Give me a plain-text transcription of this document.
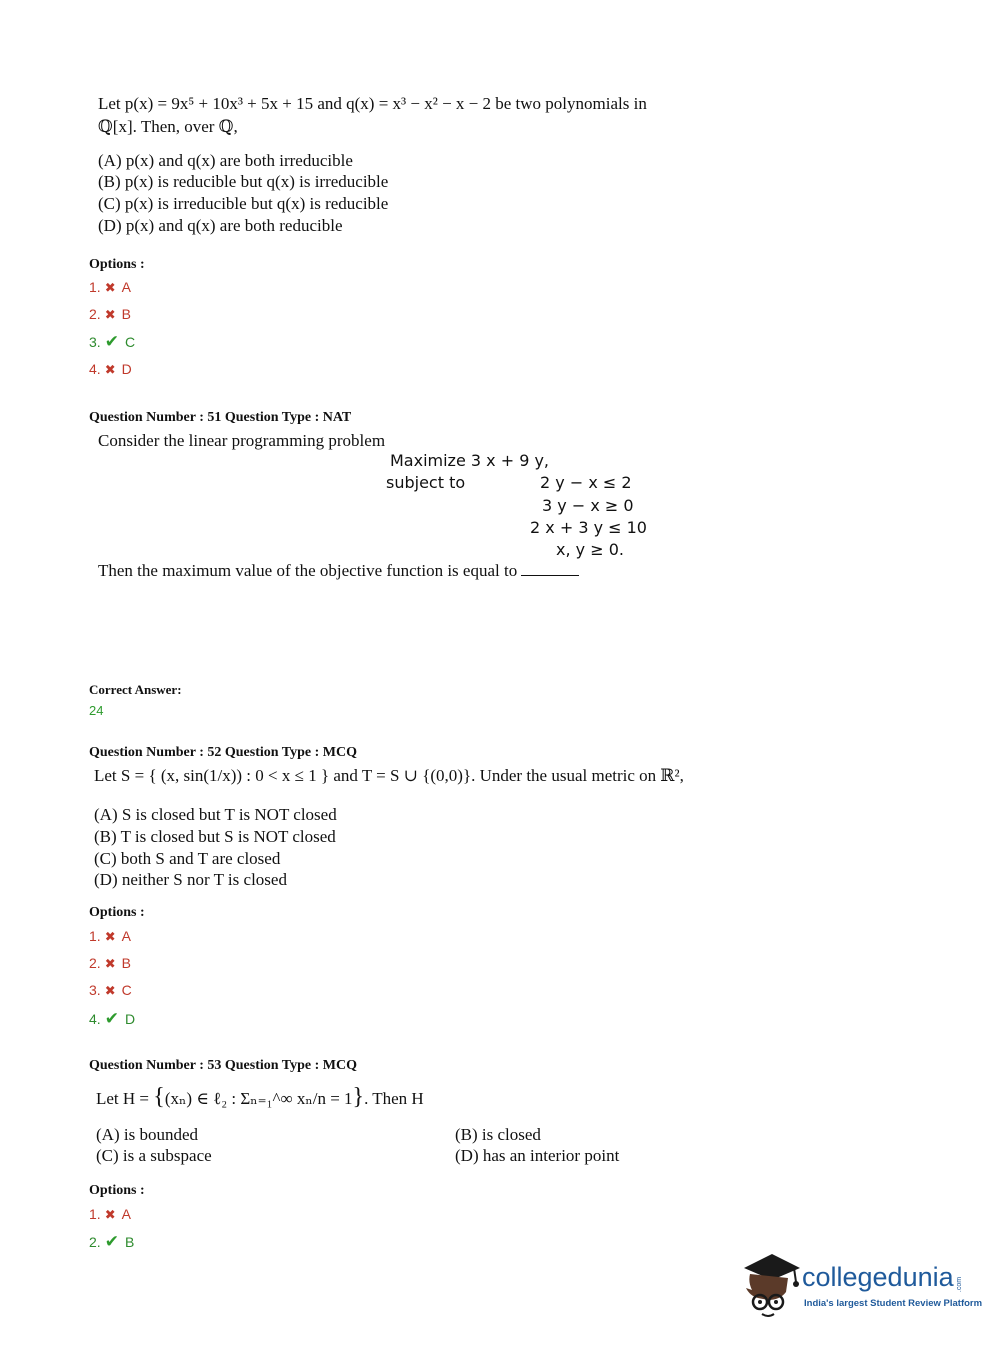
Let p(x) = 9x⁵ + 10x³ + 5x + 15 and q(x) = x³ − x² − x − 2 be two polynomials in
ℚ[x]. Then, over ℚ,
(A) p(x) and q(x) are both irreducible
(B) p(x) is reducible but q(x) is irreducible
(C) p(x) is irreducible but q(x) is reducible
(D) p(x) and q(x) are both reducible
Options :
1. ✖ A
2. ✖ B
3. ✔ C
4. ✖ D
Question Number : 51 Question Type : NAT
Consider the linear programming problem
Maximize 3 x + 9 y,
subject to	2 y − x ≤ 2
3 y − x ≥ 0
2 x + 3 y ≤ 10
x, y ≥ 0.
Then the maximum value of the objective function is equal to
Correct Answer:
24
Question Number : 52 Question Type : MCQ
Let S = { (x, sin(1/x)) : 0 < x ≤ 1 } and T = S ∪ {(0,0)}. Under the usual metric on ℝ²,
(A) S is closed but T is NOT closed
(B) T is closed but S is NOT closed
(C) both S and T are closed
(D) neither S nor T is closed
Options :
1. ✖ A
2. ✖ B
3. ✖ C
4. ✔ D
Question Number : 53 Question Type : MCQ
Let H = {(xₙ) ∈ ℓ₂ : Σₙ₌₁^∞ xₙ/n = 1}. Then H
(A) is bounded
(C) is a subspace
(B) is closed
(D) has an interior point
Options :
1. ✖ A
2. ✔ B
collegedunia .com
India's largest Student Review Platform
